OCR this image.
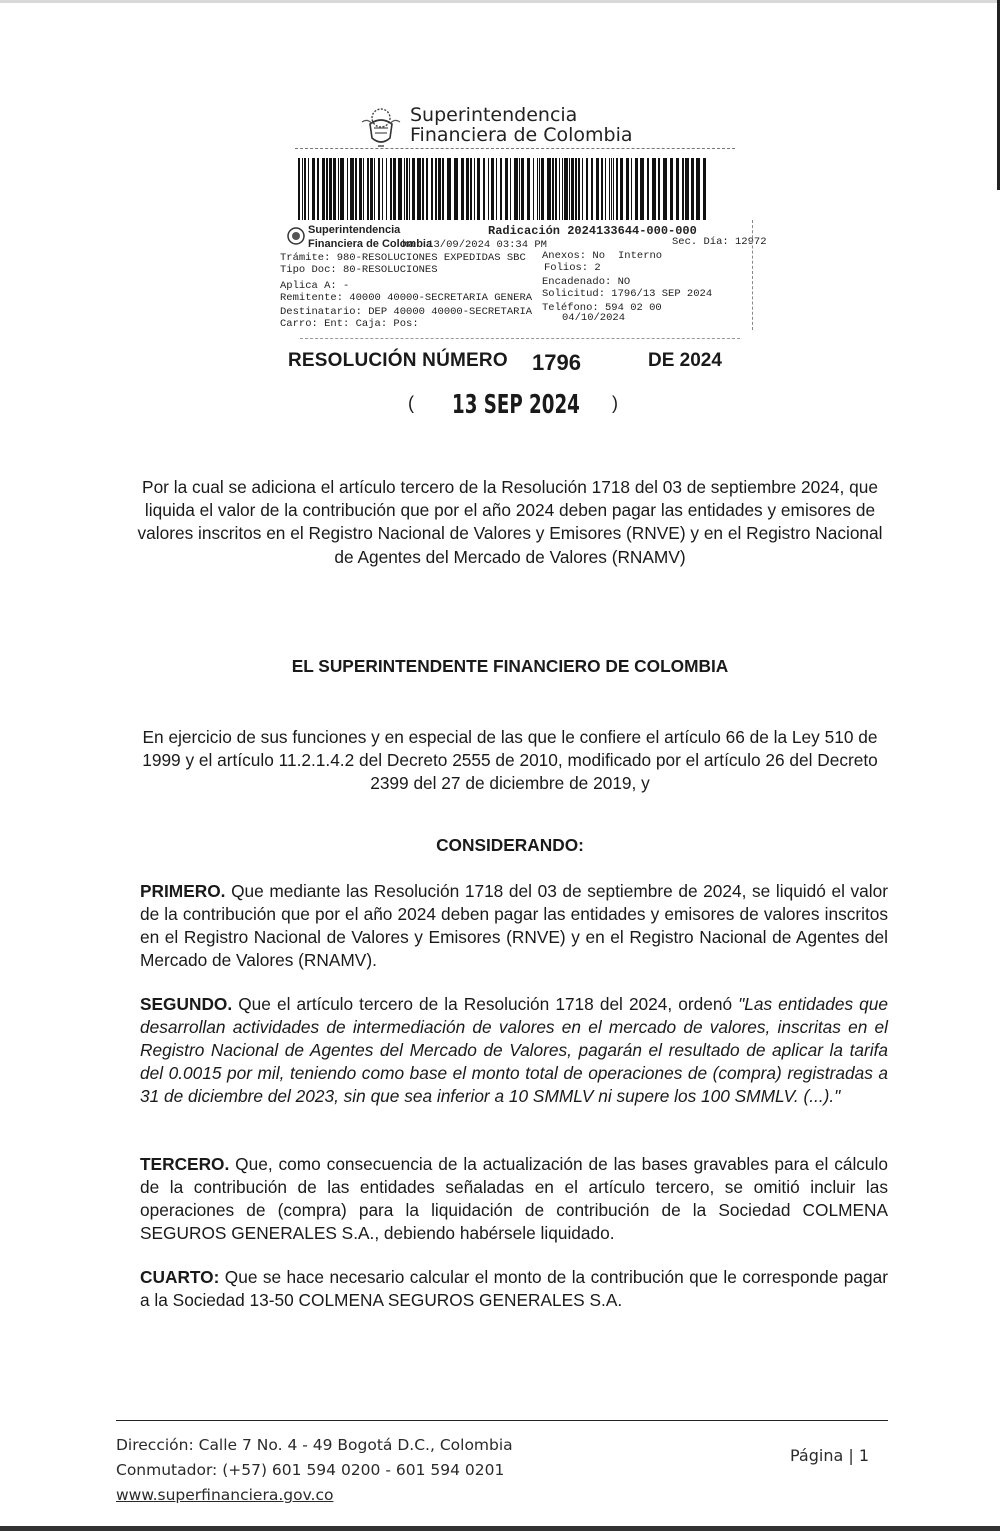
Superintendencia
Financiera de Colombia
Superintendencia
Financiera de Colombia
Radicación 2024133644-000-000
ha: 13/09/2024 03:34 PM	Sec. Día: 12972
Trámite: 980-RESOLUCIONES EXPEDIDAS SBC Anexos: No Interno
Tipo Doc: 80-RESOLUCIONES	Folios: 2
Encadenado: NO
Aplica A: -
Remitente: 40000 40000-SECRETARIA GENERA Solicitud: 1796/13 SEP 2024
Destinatario: DEP 40000 40000-SECRETARIA Teléfono: 594 02 00
04/10/2024
Carro: Ent: Caja: Pos:
RESOLUCIÓN NÚMERO 1796	DE 2024
( 13 SEP 2024 )
Por la cual se adiciona el artículo tercero de la Resolución 1718 del 03 de septiembre 2024, que liquida el valor de la contribución que por el año 2024 deben pagar las entidades y emisores de valores inscritos en el Registro Nacional de Valores y Emisores (RNVE) y en el Registro Nacional de Agentes del Mercado de Valores (RNAMV)
EL SUPERINTENDENTE FINANCIERO DE COLOMBIA
En ejercicio de sus funciones y en especial de las que le confiere el artículo 66 de la Ley 510 de 1999 y el artículo 11.2.1.4.2 del Decreto 2555 de 2010, modificado por el artículo 26 del Decreto 2399 del 27 de diciembre de 2019, y
CONSIDERANDO:
PRIMERO. Que mediante las Resolución 1718 del 03 de septiembre de 2024, se liquidó el valor de la contribución que por el año 2024 deben pagar las entidades y emisores de valores inscritos en el Registro Nacional de Valores y Emisores (RNVE) y en el Registro Nacional de Agentes del Mercado de Valores (RNAMV).
SEGUNDO. Que el artículo tercero de la Resolución 1718 del 2024, ordenó "Las entidades que desarrollan actividades de intermediación de valores en el mercado de valores, inscritas en el Registro Nacional de Agentes del Mercado de Valores, pagarán el resultado de aplicar la tarifa del 0.0015 por mil, teniendo como base el monto total de operaciones de (compra) registradas a 31 de diciembre del 2023, sin que sea inferior a 10 SMMLV ni supere los 100 SMMLV. (...)."
TERCERO. Que, como consecuencia de la actualización de las bases gravables para el cálculo de la contribución de las entidades señaladas en el artículo tercero, se omitió incluir las operaciones de (compra) para la liquidación de contribución de la Sociedad COLMENA SEGUROS GENERALES S.A., debiendo habérsele liquidado.
CUARTO: Que se hace necesario calcular el monto de la contribución que le corresponde pagar a la Sociedad 13-50 COLMENA SEGUROS GENERALES S.A.
Dirección: Calle 7 No. 4 - 49 Bogotá D.C., Colombia
Conmutador: (+57) 601 594 0200 - 601 594 0201
www.superfinanciera.gov.co
Página | 1
